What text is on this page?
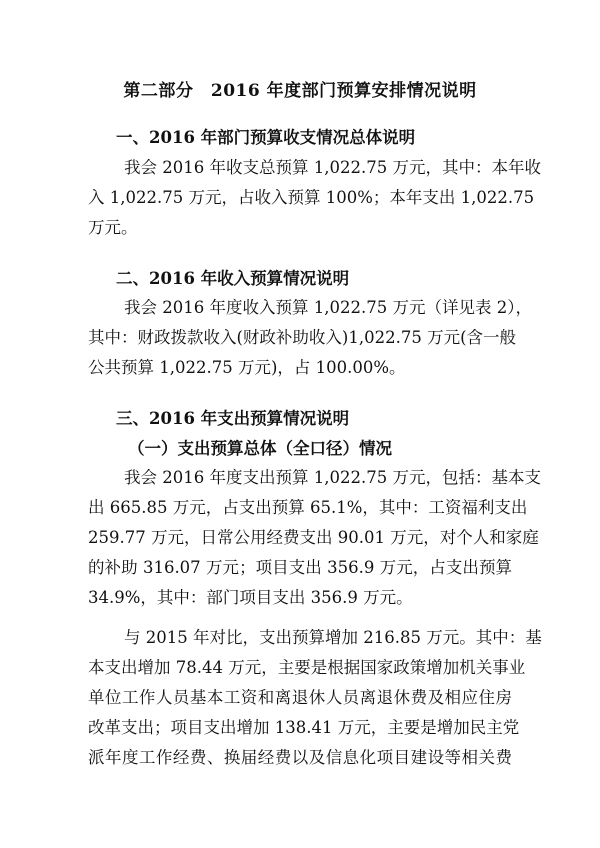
第二部分　2016 年度部门预算安排情况说明
一、2016 年部门预算收支情况总体说明
我会 2016 年收支总预算 1,022.75 万元，其中：本年收
入 1,022.75 万元，占收入预算 100%；本年支出 1,022.75
万元。
二、2016 年收入预算情况说明
我会 2016 年度收入预算 1,022.75 万元（详见表 2），
其中：财政拨款收入(财政补助收入)1,022.75 万元(含一般
公共预算 1,022.75 万元)，占 100.00%。
三、2016 年支出预算情况说明
（一）支出预算总体（全口径）情况
我会 2016 年度支出预算 1,022.75 万元，包括：基本支
出 665.85 万元，占支出预算 65.1%，其中：工资福利支出
259.77 万元，日常公用经费支出 90.01 万元，对个人和家庭
的补助 316.07 万元；项目支出 356.9 万元，占支出预算
34.9%，其中：部门项目支出 356.9 万元。
与 2015 年对比，支出预算增加 216.85 万元。其中：基
本支出增加 78.44 万元，主要是根据国家政策增加机关事业
单位工作人员基本工资和离退休人员离退休费及相应住房
改革支出；项目支出增加 138.41 万元，主要是增加民主党
派年度工作经费、换届经费以及信息化项目建设等相关费
